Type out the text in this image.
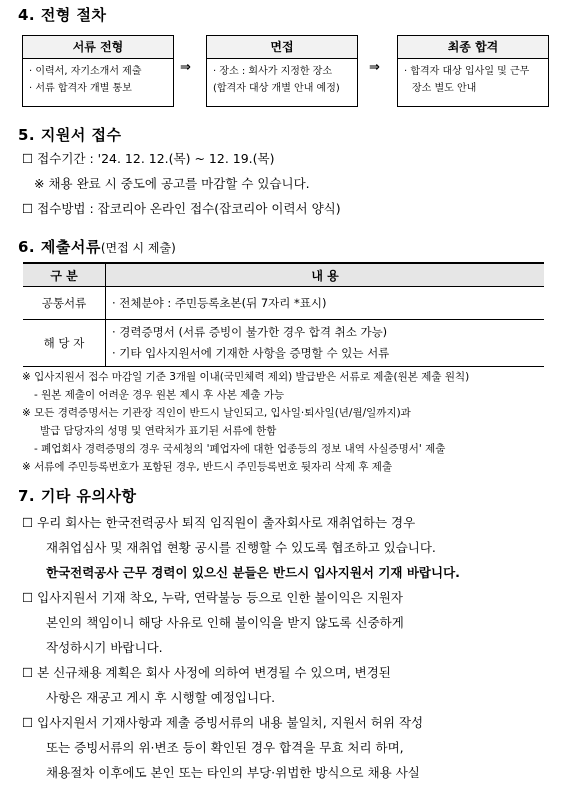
4. 전형 절차
서류 전형
· 이력서, 자기소개서 제출
· 서류 합격자 개별 통보
⇒
면접
· 장소 : 회사가 지정한 장소
(합격자 대상 개별 안내 예정)
⇒
최종 합격
· 합격자 대상 입사일 및 근무
장소 별도 안내
5. 지원서 접수
☐ 접수기간 : '24. 12. 12.(목) ~ 12. 19.(목)
※ 채용 완료 시 중도에 공고를 마감할 수 있습니다.
☐ 접수방법 : 잡코리아 온라인 접수(잡코리아 이력서 양식)
6. 제출서류(면접 시 제출)
구 분	내 용
공통서류	· 전체분야 : 주민등록초본(뒤 7자리 *표시)
해 당 자	· 경력증명서 (서류 증빙이 불가한 경우 합격 취소 가능)
· 기타 입사지원서에 기재한 사항을 증명할 수 있는 서류
※ 입사지원서 접수 마감일 기준 3개월 이내(국민체력 제외) 발급받은 서류로 제출(원본 제출 원칙)
- 원본 제출이 어려운 경우 원본 제시 후 사본 제출 가능
※ 모든 경력증명서는 기관장 직인이 반드시 날인되고, 입사일·퇴사일(년/월/일까지)과
발급 담당자의 성명 및 연락처가 표기된 서류에 한함
- 폐업회사 경력증명의 경우 국세청의 '폐업자에 대한 업종등의 정보 내역 사실증명서' 제출
※ 서류에 주민등록번호가 포함된 경우, 반드시 주민등록번호 뒷자리 삭제 후 제출
7. 기타 유의사항
☐ 우리 회사는 한국전력공사 퇴직 임직원이 출자회사로 재취업하는 경우
재취업심사 및 재취업 현황 공시를 진행할 수 있도록 협조하고 있습니다.
한국전력공사 근무 경력이 있으신 분들은 반드시 입사지원서 기재 바랍니다.
☐ 입사지원서 기재 착오, 누락, 연락불능 등으로 인한 불이익은 지원자
본인의 책임이니 해당 사유로 인해 불이익을 받지 않도록 신중하게
작성하시기 바랍니다.
☐ 본 신규채용 계획은 회사 사정에 의하여 변경될 수 있으며, 변경된
사항은 재공고 게시 후 시행할 예정입니다.
☐ 입사지원서 기재사항과 제출 증빙서류의 내용 불일치, 지원서 허위 작성
또는 증빙서류의 위·변조 등이 확인된 경우 합격을 무효 처리 하며,
채용절차 이후에도 본인 또는 타인의 부당·위법한 방식으로 채용 사실
